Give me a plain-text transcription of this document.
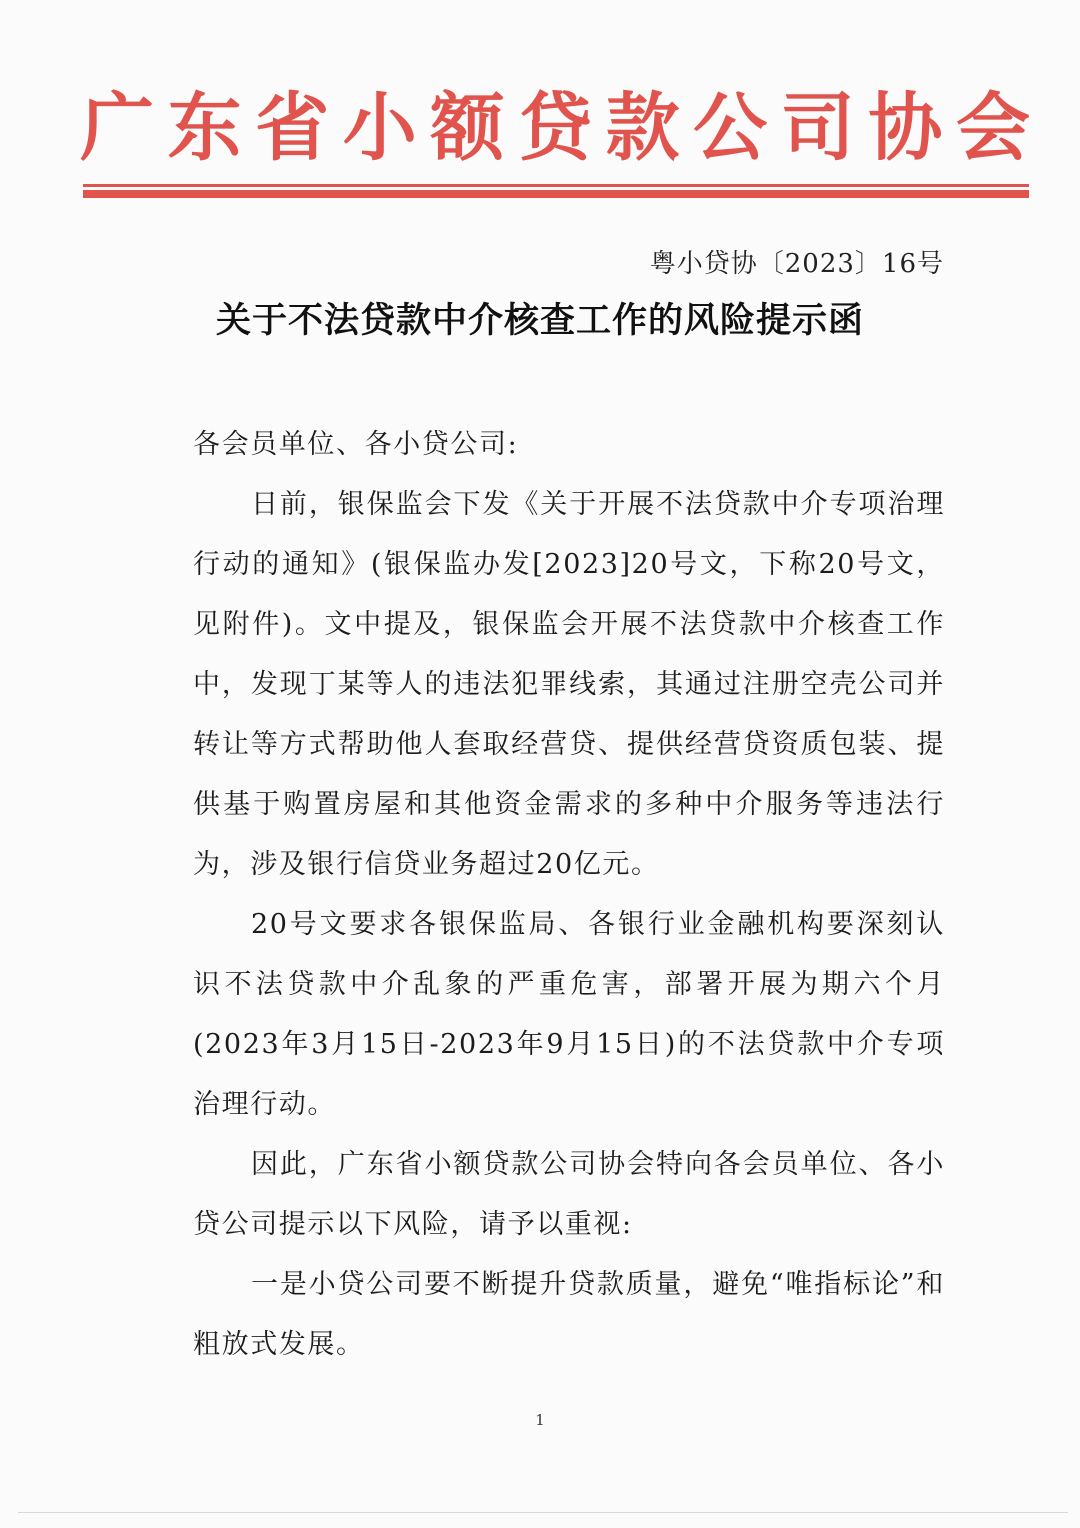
广 东 省 小 额 贷 款 公 司 协 会
粤小贷协〔2023〕16号
关于不法贷款中介核查工作的风险提示函

各会员单位、各小贷公司:

日前，银保监会下发《关于开展不法贷款中介专项治理行动的通知》(银保监办发[2023]20号文，下称20号文，见附件)。文中提及，银保监会开展不法贷款中介核查工作中，发现丁某等人的违法犯罪线索，其通过注册空壳公司并转让等方式帮助他人套取经营贷、提供经营贷资质包装、提供基于购置房屋和其他资金需求的多种中介服务等违法行为，涉及银行信贷业务超过20亿元。

20号文要求各银保监局、各银行业金融机构要深刻认识不法贷款中介乱象的严重危害，部署开展为期六个月(2023年3月15日-2023年9月15日)的不法贷款中介专项治理行动。

因此，广东省小额贷款公司协会特向各会员单位、各小贷公司提示以下风险，请予以重视:

一是小贷公司要不断提升贷款质量，避免“唯指标论”和粗放式发展。

1
